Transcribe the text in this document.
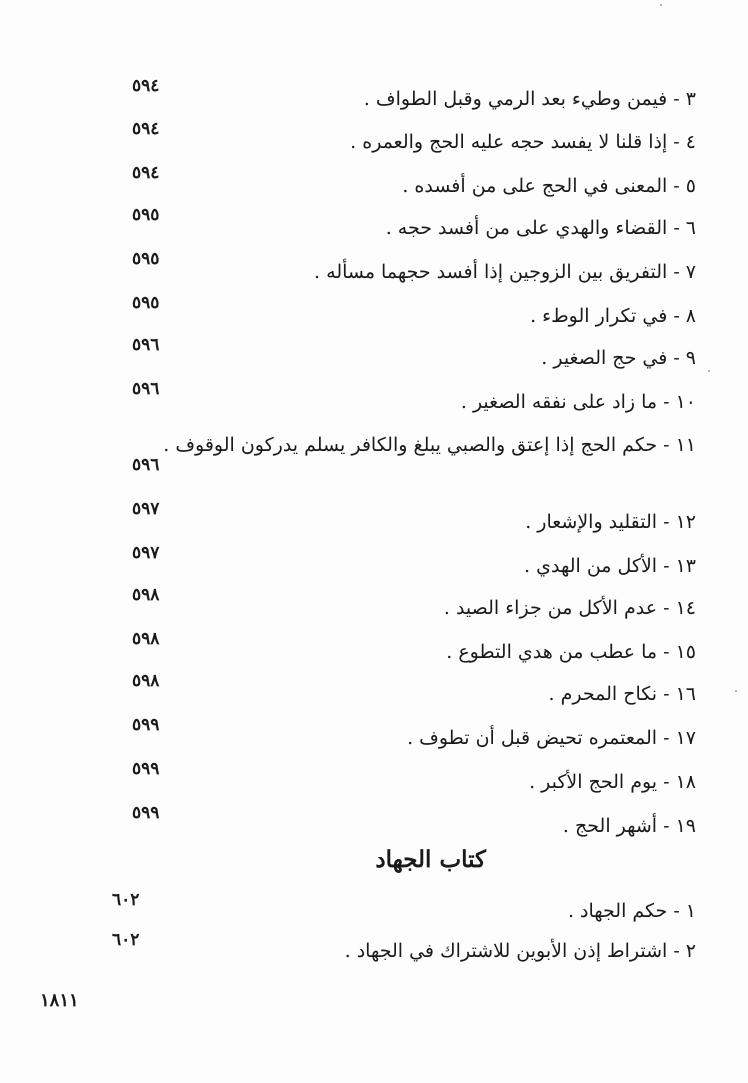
٥٩٤
٣ - فيمن وطيء بعد الرمي وقبل الطواف .
٥٩٤
٤ - إذا قلنا لا يفسد حجه عليه الحج والعمره .
٥٩٤
٥ - المعنى في الحج على من أفسده .
٥٩٥
٦ - القضاء والهدي على من أفسد حجه .
٥٩٥
٧ - التفريق بين الزوجين إذا أفسد حجهما مسأله .
٥٩٥
٨ - في تكرار الوطء .
٥٩٦
٩ - في حج الصغير .
٥٩٦
١٠ - ما زاد على نفقه الصغير .
٥٩٦
١١ - حكم الحج إذا إعتق والصبي يبلغ والكافر يسلم يدركون الوقوف .
٥٩٧
١٢ - التقليد والإشعار .
٥٩٧
١٣ - الأكل من الهدي .
٥٩٨
١٤ - عدم الأكل من جزاء الصيد .
٥٩٨
١٥ - ما عطب من هدي التطوع .
٥٩٨
١٦ - نكاح المحرم .
٥٩٩
١٧ - المعتمره تحيض قبل أن تطوف .
٥٩٩
١٨ - يوم الحج الأكبر .
٥٩٩
١٩ - أشهر الحج .
كتاب الجهاد
٦٠٢	١ - حكم الجهاد .
٦٠٢	٢ - اشتراط إذن الأبوين للاشتراك في الجهاد .
١٨١١
